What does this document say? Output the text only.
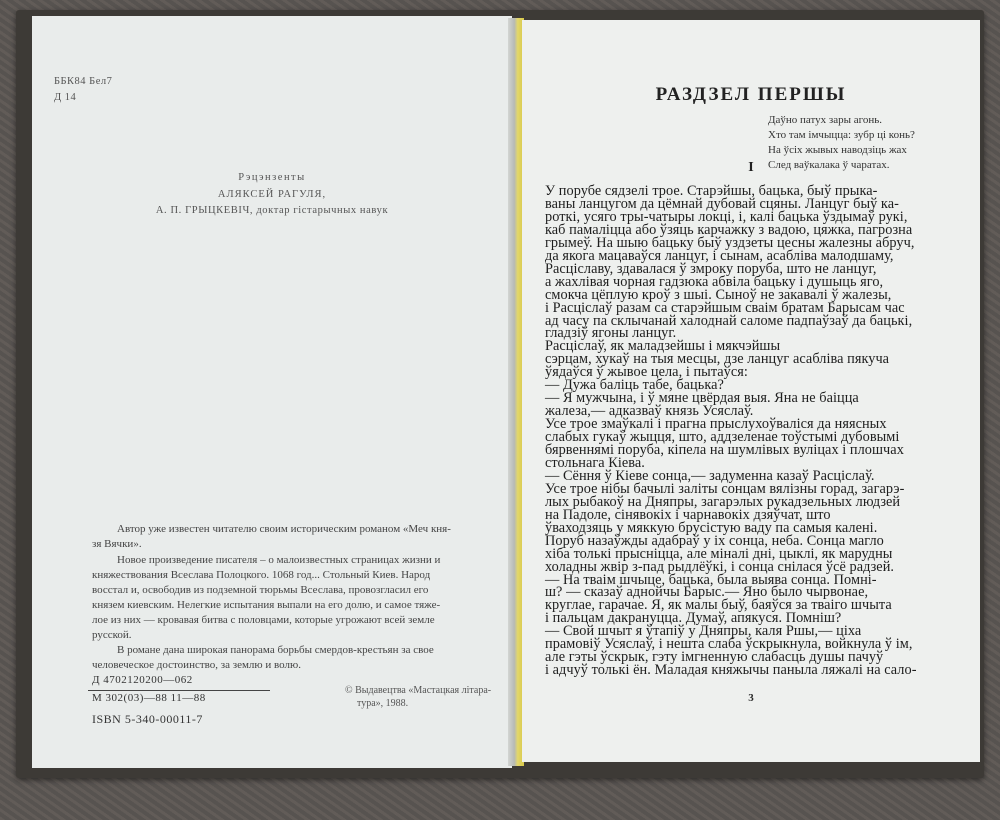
ББК84 Бел7
Д 14
Рэцэнзенты
АЛЯКСЕЙ РАГУЛЯ,
А. П. ГРЫЦКЕВІЧ, доктар гістарычных навук
Автор уже известен читателю своим историческим романом «Меч кня-
зя Вячки».
Новое произведение писателя – о малоизвестных страницах жизни и
княжествования Всеслава Полоцкого. 1068 год... Стольный Киев. Народ
восстал и, освободив из подземной тюрьмы Всеслава, провозгласил его
князем киевским. Нелегкие испытания выпали на его долю, и самое тяже-
лое из них — кровавая битва с половцами, которые угрожают всей земле
русской.
В романе дана широкая панорама борьбы смердов-крестьян за свое
человеческое достоинство, за землю и волю.
Д 4702120200—062
М 302(03)—88 11—88
ISBN 5-340-00011-7
© Выдавецтва «Мастацкая літара-
тура», 1988.
РАЗДЗЕЛ ПЕРШЫ
Даўно патух зары агонь.
Хто там імчыцца: зубр ці конь?
На ўсіх жывых наводзіць жах
След ваўкалака ў чаратах.
I
У порубе сядзелі трое. Старэйшы, бацька, быў прыка-
ваны ланцугом да цёмнай дубовай сцяны. Ланцуг быў ка-
роткі, усяго тры-чатыры локці, і, калі бацька ўздымаў рукі,
каб памаліцца або ўзяць карчажку з вадою, цяжка, пагрозна
грымеў. На шыю бацьку быў уздзеты цесны жалезны абруч,
да якога мацаваўся ланцуг, і сынам, асабліва малодшаму,
Расціславу, здавалася ў змроку поруба, што не ланцуг,
а жахлівая чорная гадзюка абвіла бацьку і душыць яго,
смокча цёплую кроў з шыі. Сыноў не закавалі ў жалезы,
і Расціслаў разам са старэйшым сваім братам Барысам час
ад часу па склычанай халоднай саломе падпаўзаў да бацькі,
гладзіў ягоны ланцуг.
Расціслаў, як маладзейшы і мякчэйшы
сэрцам, хукаў на тыя месцы, дзе ланцуг асабліва пякуча
ўядаўся ў жывое цела, і пытаўся:
— Дужа баліць табе, бацька?
— Я мужчына, і ў мяне цвёрдая выя. Яна не баіцца
жалеза,— адказваў князь Усяслаў.
Усе трое змаўкалі і прагна прыслухоўваліся да няясных
слабых гукаў жыцця, што, аддзеленае тоўстымі дубовымі
бярвеннямі поруба, кіпела на шумлівых вуліцах і плошчах
стольнага Кіева.
— Сёння ў Кіеве сонца,— задуменна казаў Расціслаў.
Усе трое нібы бачылі заліты сонцам вялізны горад, загарэ-
лых рыбакоў на Дняпры, загарэлых рукадзельных людзей
на Падоле, сінявокіх і чарнавокіх дзяўчат, што
ўваходзяць у мяккую брусістую ваду па самыя калені.
Поруб назаўжды адабраў у іх сонца, неба. Сонца магло
хіба толькі прысніцца, але міналі дні, цыклі, як марудны
холадны жвір з-пад рыдлёўкі, і сонца снілася ўсё радзей.
— На тваім шчыце, бацька, была выява сонца. Помні-
ш? — сказаў аднойчы Барыс.— Яно было чырвонае,
круглае, гарачае. Я, як малы быў, баяўся за тваіго шчыта
і пальцам дакрануцца. Думаў, апякуся. Помніш?
— Свой шчыт я ўтапіў у Дняпры, каля Ршы,— ціха
прамовіў Усяслаў, і нешта слаба ўскрыкнула, войкнула ў ім,
але гэты ўскрык, гэту імгненную слабасць душы пачуў
і адчуў толькі ён. Маладая княжычы паныла ляжалі на сало-
3
